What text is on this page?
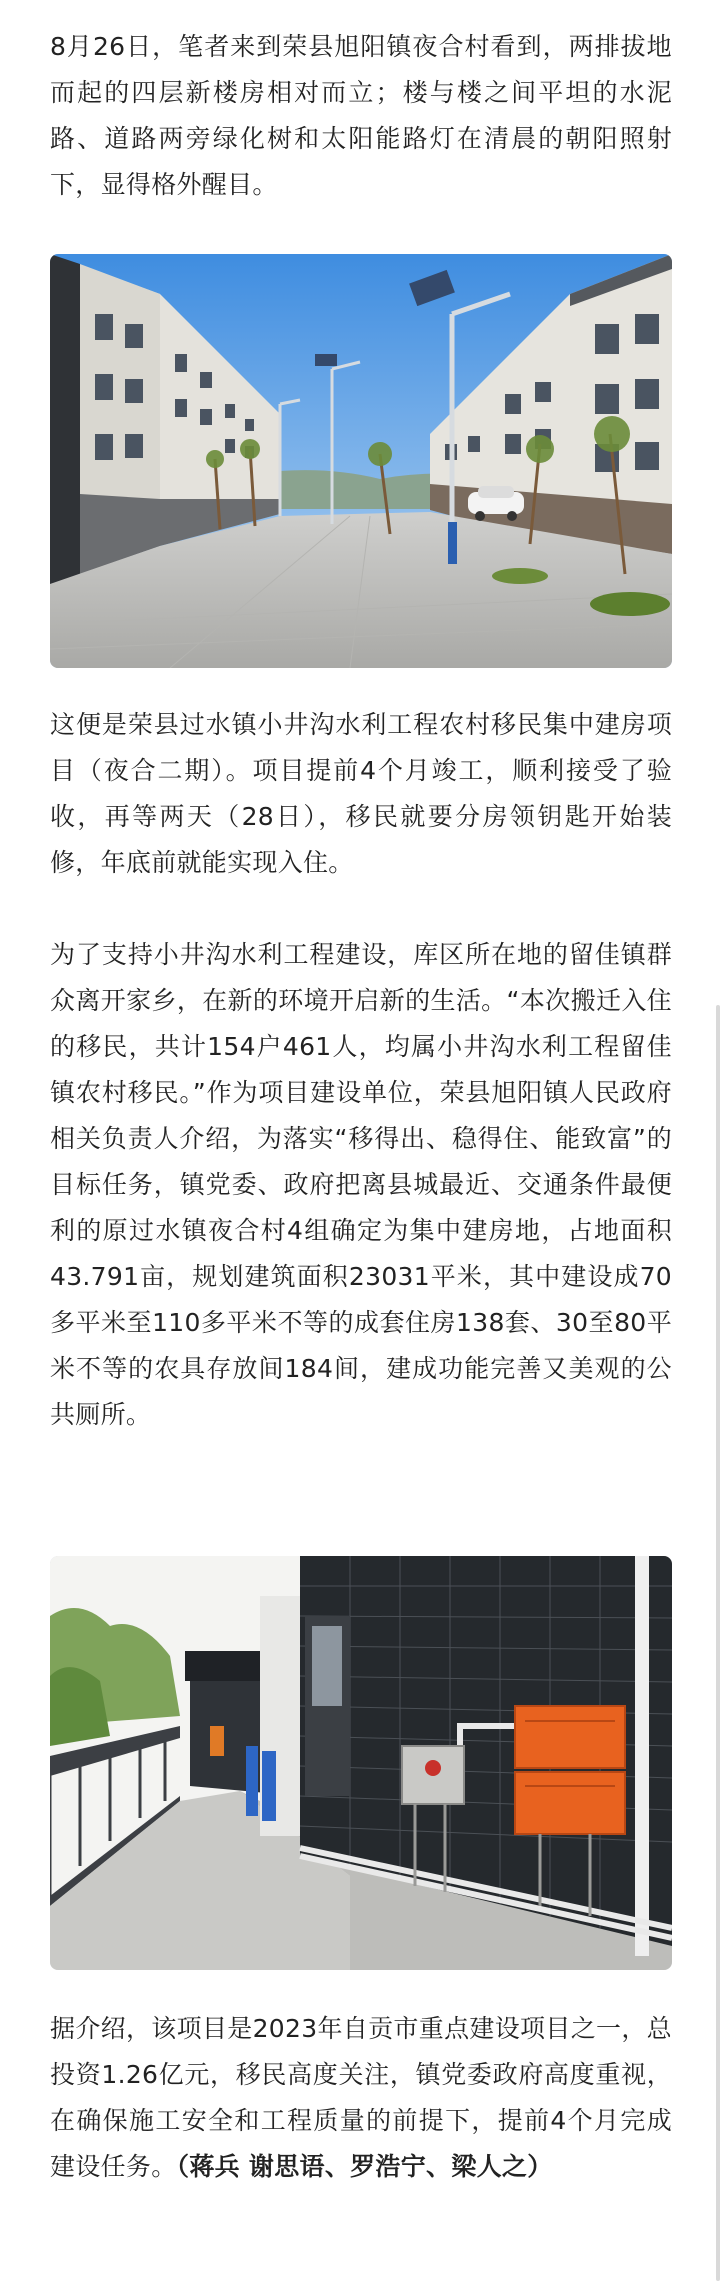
8月26日，笔者来到荣县旭阳镇夜合村看到，两排拔地而起的四层新楼房相对而立；楼与楼之间平坦的水泥路、道路两旁绿化树和太阳能路灯在清晨的朝阳照射下，显得格外醒目。

这便是荣县过水镇小井沟水利工程农村移民集中建房项目（夜合二期）。项目提前4个月竣工，顺利接受了验收，再等两天（28日），移民就要分房领钥匙开始装修，年底前就能实现入住。

为了支持小井沟水利工程建设，库区所在地的留佳镇群众离开家乡，在新的环境开启新的生活。“本次搬迁入住的移民，共计154户461人，均属小井沟水利工程留佳镇农村移民。”作为项目建设单位，荣县旭阳镇人民政府相关负责人介绍，为落实“移得出、稳得住、能致富”的目标任务，镇党委、政府把离县城最近、交通条件最便利的原过水镇夜合村4组确定为集中建房地，占地面积43.791亩，规划建筑面积23031平米，其中建设成70多平米至110多平米不等的成套住房138套、30至80平米不等的农具存放间184间，建成功能完善又美观的公共厕所。

据介绍，该项目是2023年自贡市重点建设项目之一，总投资1.26亿元，移民高度关注，镇党委政府高度重视，在确保施工安全和工程质量的前提下，提前4个月完成建设任务。（蒋兵 谢思语、罗浩宁、梁人之）
